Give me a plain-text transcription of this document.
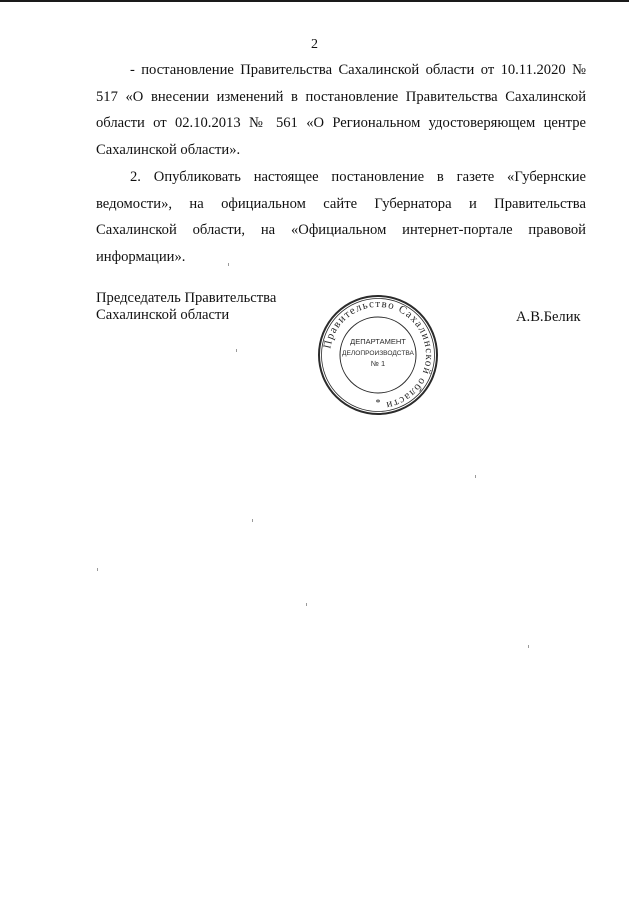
2

- постановление Правительства Сахалинской области от 10.11.2020 № 517 «О внесении изменений в постановление Правительства Сахалинской области от 02.10.2013 № 561 «О Региональном удостоверяющем центре Сахалинской области».

2. Опубликовать настоящее постановление в газете «Губернские ведомости», на официальном сайте Губернатора и Правительства Сахалинской области, на «Официальном интернет-портале правовой информации».

Председатель Правительства
Сахалинской области
Правительство Сахалинской области
*
ДЕПАРТАМЕНТ
ДЕЛОПРОИЗВОДСТВА
№ 1
А.В.Белик
